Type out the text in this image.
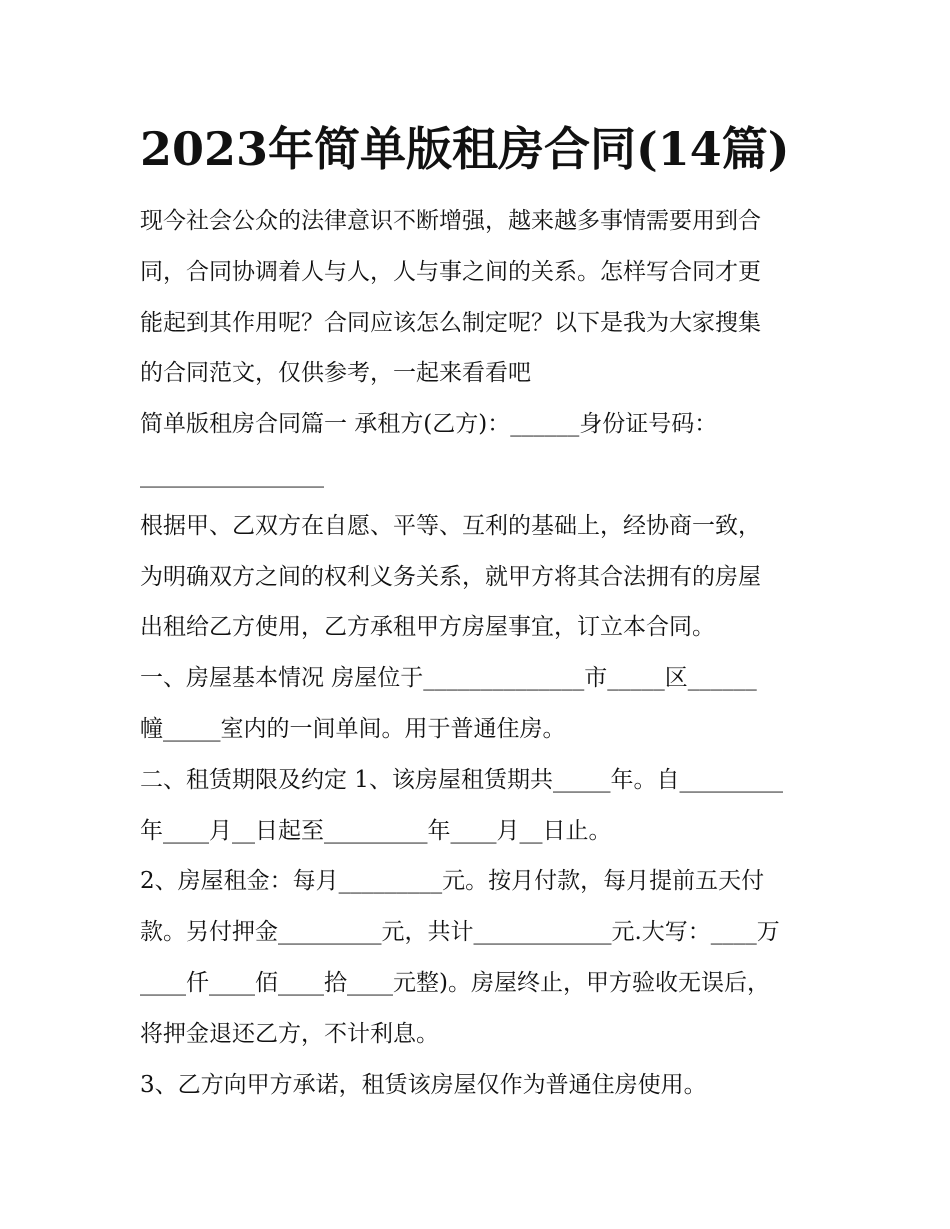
2023年简单版租房合同(14篇)
现今社会公众的法律意识不断增强，越来越多事情需要用到合
同，合同协调着人与人，人与事之间的关系。怎样写合同才更
能起到其作用呢？合同应该怎么制定呢？以下是我为大家搜集
的合同范文，仅供参考，一起来看看吧
简单版租房合同篇一 承租方(乙方)：______身份证号码：
________________
根据甲、乙双方在自愿、平等、互利的基础上，经协商一致，
为明确双方之间的权利义务关系，就甲方将其合法拥有的房屋
出租给乙方使用，乙方承租甲方房屋事宜，订立本合同。
一、房屋基本情况 房屋位于______________市_____区______
幢_____室内的一间单间。用于普通住房。
二、租赁期限及约定 1、该房屋租赁期共_____年。自_________
年____月__日起至_________年____月__日止。
2、房屋租金：每月_________元。按月付款，每月提前五天付
款。另付押金_________元，共计____________元.大写：____万
____仟____佰____拾____元整)。房屋终止，甲方验收无误后，
将押金退还乙方，不计利息。
3、乙方向甲方承诺，租赁该房屋仅作为普通住房使用。
